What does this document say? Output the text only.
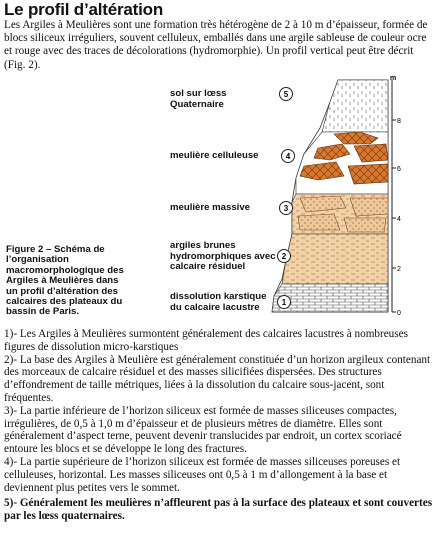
Le profil d’altération
Les Argiles à Meulières sont une formation très hétérogène de 2 à 10 m d’épaisseur, formée de blocs siliceux irréguliers, souvent celluleux, emballés dans une argile sableuse de couleur ocre et rouge avec des traces de décolorations (hydromorphie). Un profil vertical peut être décrit (Fig. 2).
m
8
6
4
2
0
5
4
3
2
1
sol sur lœss Quaternaire
meulière celluleuse
meulière massive
argiles brunes hydromorphiques avec calcaire résiduel
dissolution karstique du calcaire lacustre
Figure 2 – Schéma de l’organisation macromorphologique des Argiles à Meulières dans un profil d’altération des calcaires des plateaux du bassin de Paris.

1)- Les Argiles à Meulières surmontent généralement des calcaires lacustres à nombreuses figures de dissolution micro-karstiques

2)- La base des Argiles à Meulière est généralement constituée d’un horizon argileux contenant des morceaux de calcaire résiduel et des masses silicifiées dispersées. Des structures d’effondrement de taille métriques, liées à la dissolution du calcaire sous-jacent, sont fréquentes.

3)- La partie inférieure de l’horizon siliceux est formée de masses siliceuses compactes, irrégulières, de 0,5 à 1,0 m d’épaisseur et de plusieurs mètres de diamètre. Elles sont généralement d’aspect terne, peuvent devenir translucides par endroit, un cortex scoriacé entoure les blocs et se développe le long des fractures.

4)- La partie supérieure de l’horizon siliceux est formée de masses siliceuses poreuses et celluleuses, horizontal. Les masses siliceuses ont 0,5 à 1 m d’allongement à la base et deviennent plus petites vers le sommet.

5)- Généralement les meulières n’affleurent pas à la surface des plateaux et sont couvertes par les lœss quaternaires.
